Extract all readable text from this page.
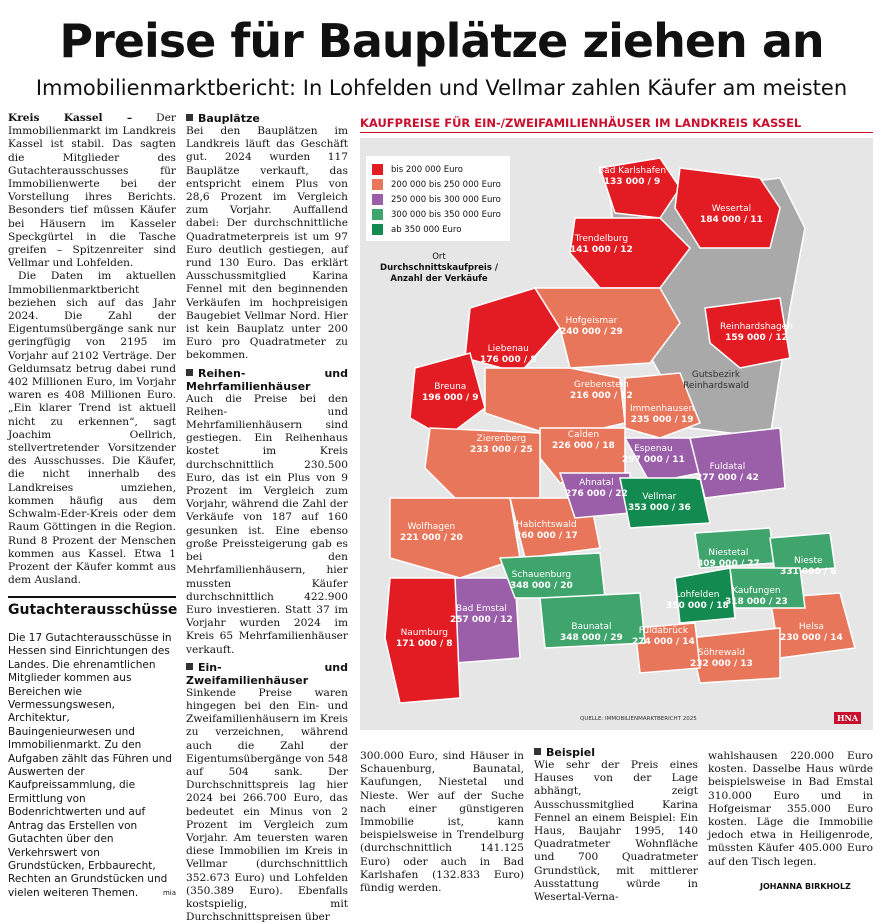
Preise für Bauplätze ziehen an
Immobilienmarktbericht: In Lohfelden und Vellmar zahlen Käufer am meisten

Kreis Kassel – Der Immobilienmarkt im Landkreis Kassel ist stabil. Das sagten die Mitglieder des Gutachterausschusses für Immobilienwerte bei der Vorstellung ihres Berichts. Besonders tief müssen Käufer bei Häusern im Kasseler Speckgürtel in die Tasche greifen – Spitzenreiter sind Vellmar und Lohfelden.

Die Daten im aktuellen Immobilienmarktbericht beziehen sich auf das Jahr 2024. Die Zahl der Eigentumsübergänge sank nur geringfügig von 2195 im Vorjahr auf 2102 Verträge. Der Geldumsatz betrug dabei rund 402 Millionen Euro, im Vorjahr waren es 408 Millionen Euro. „Ein klarer Trend ist aktuell nicht zu erkennen“, sagt Joachim Oellrich, stellvertretender Vorsitzender des Ausschusses. Die Käufer, die nicht innerhalb des Landkreises umziehen, kommen häufig aus dem Schwalm-Eder-Kreis oder dem Raum Göttingen in die Region. Rund 8 Prozent der Menschen kommen aus Kassel. Etwa 1 Prozent der Käufer kommt aus dem Ausland.

Gutachterausschüsse
Die 17 Gutachterausschüsse in Hessen sind Einrichtungen des Landes. Die ehrenamtlichen Mitglieder kommen aus Bereichen wie Vermessungswesen, Architektur, Bauingenieurwesen und Immobilienmarkt. Zu den Aufgaben zählt das Führen und Auswerten der Kaufpreissammlung, die Ermittlung von Bodenrichtwerten und auf Antrag das Erstellen von Gutachten über den Verkehrswert von Grundstücken, Erbbaurecht, Rechten an Grundstücken und vielen weiteren Themen.	mia
Bauplätze

Bei den Bauplätzen im Landkreis läuft das Geschäft gut. 2024 wurden 117 Bauplätze verkauft, das entspricht einem Plus von 28,6 Prozent im Vergleich zum Vorjahr. Auffallend dabei: Der durchschnittliche Quadratmeterpreis ist um 97 Euro deutlich gestiegen, auf rund 130 Euro. Das erklärt Ausschussmitglied Karina Fennel mit den beginnenden Verkäufen im hochpreisigen Baugebiet Vellmar Nord. Hier ist kein Bauplatz unter 200 Euro pro Quadratmeter zu bekommen.

Reihen- und Mehrfamilienhäuser

Auch die Preise bei den Reihen- und Mehrfamilienhäusern sind gestiegen. Ein Reihenhaus kostet im Kreis durchschnittlich 230.500 Euro, das ist ein Plus von 9 Prozent im Vergleich zum Vorjahr, während die Zahl der Verkäufe von 187 auf 160 gesunken ist. Eine ebenso große Preissteigerung gab es bei den Mehrfamilienhäusern, hier mussten Käufer durchschnittlich 422.900 Euro investieren. Statt 37 im Vorjahr wurden 2024 im Kreis 65 Mehrfamilienhäuser verkauft.

Ein- und Zweifamilienhäuser

Sinkende Preise waren hingegen bei den Ein- und Zweifamilienhäusern im Kreis zu verzeichnen, während auch die Zahl der Eigentumsübergänge von 548 auf 504 sank. Der Durchschnittspreis lag hier 2024 bei 266.700 Euro, das bedeutet ein Minus von 2 Prozent im Vergleich zum Vorjahr. Am teuersten waren diese Immobilien im Kreis in Vellmar (durchschnittlich 352.673 Euro) und Lohfelden (350.389 Euro). Ebenfalls kostspielig, mit Durchschnittspreisen über

KAUFPREISE FÜR EIN-/ZWEIFAMILIENHÄUSER IM LANDKREIS KASSEL
bis 200 000 Euro
200 000 bis 250 000 Euro
250 000 bis 300 000 Euro
300 000 bis 350 000 Euro
ab 350 000 Euro
Ort
Durchschnittskaufpreis / Anzahl der Verkäufe
Gutsbezirk Reinhardswald
Bad Karlshafen
133 000 / 9
Wesertal
184 000 / 11
Trendelburg
141 000 / 12
Hofgeismar
240 000 / 29	Reinhardshagen
159 000 / 12
Liebenau
176 000 / 8
Breuna
196 000 / 9
Grebenstein
216 000 / 12
Immenhausen
235 000 / 19
Calden
226 000 / 18	Espenau
297 000 / 11
Fuldatal
277 000 / 42
Zierenberg
233 000 / 25
Ahnatal
276 000 / 22	Vellmar
353 000 / 36
Wolfhagen
221 000 / 20
Habichtswald
260 000 / 17
Niestetal
309 000 / 27	Nieste
331 000 / 6
Schauenburg
348 000 / 20	Kaufungen
318 000 / 23
Lohfelden
350 000 / 18
Bad Emstal
257 000 / 12
Baunatal
348 000 / 29
Helsa
230 000 / 14
Naumburg
171 000 / 8
Fuldabrück
274 000 / 14
Söhrewald
232 000 / 13
QUELLE: IMMOBILIENMARKTBERICHT 2025	HNA

300.000 Euro, sind Häuser in Schauenburg, Baunatal, Kaufungen, Niestetal und Nieste. Wer auf der Suche nach einer günstigeren Immobilie ist, kann beispielsweise in Trendelburg (durchschnittlich 141.125 Euro) oder auch in Bad Karlshafen (132.833 Euro) fündig werden.

Beispiel

Wie sehr der Preis eines Hauses von der Lage abhängt, zeigt Ausschussmitglied Karina Fennel an einem Beispiel: Ein Haus, Baujahr 1995, 140 Quadratmeter Wohnfläche und 700 Quadratmeter Grundstück, mit mittlerer Ausstattung würde in Wesertal-Verna-

wahlshausen 220.000 Euro kosten. Dasselbe Haus würde beispielsweise in Bad Emstal 310.000 Euro und in Hofgeismar 355.000 Euro kosten. Läge die Immobilie jedoch etwa in Heiligenrode, müssten Käufer 405.000 Euro auf den Tisch legen.

JOHANNA BIRKHOLZ
